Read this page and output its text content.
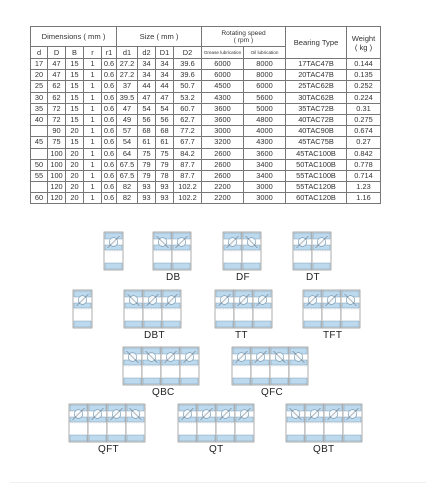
Dimensions ( mm )					Size ( mm )				Rotating speed
( rpm )		Bearing Type	Weight
( kg )

d	D	B	r	r1	d1	d2	D1	D2	Grease lubrication	Oil lubrication		

17	47	15	1	0.6	27.2	34	34	39.6	6000	8000	17TAC47B	0.144
20	47	15	1	0.6	27.2	34	34	39.6	6000	8000	20TAC47B	0.135
25	62	15	1	0.6	37	44	44	50.7	4500	6000	25TAC62B	0.252
30	62	15	1	0.6	39.5	47	47	53.2	4300	5600	30TAC62B	0.224
35	72	15	1	0.6	47	54	54	60.7	3600	5000	35TAC72B	0.31
40	72	15	1	0.6	49	56	56	62.7	3600	4800	40TAC72B	0.275
	90	20	1	0.6	57	68	68	77.2	3000	4000	40TAC90B	0.674
45	75	15	1	0.6	54	61	61	67.7	3200	4300	45TAC75B	0.27
	100	20	1	0.6	64	75	75	84.2	2600	3600	45TAC100B	0.842
50	100	20	1	0.6	67.5	79	79	87.7	2600	3400	50TAC100B	0.778
55	100	20	1	0.6	67.5	79	78	87.7	2600	3400	55TAC100B	0.714
	120	20	1	0.6	82	93	93	102.2	2200	3000	55TAC120B	1.23
60	120	20	1	0.6	82	93	93	102.2	2200	3000	60TAC120B	1.16
DB	DF	DT
DBT	TT	TFT
QBC	QFC
QFT	QT	QBT
